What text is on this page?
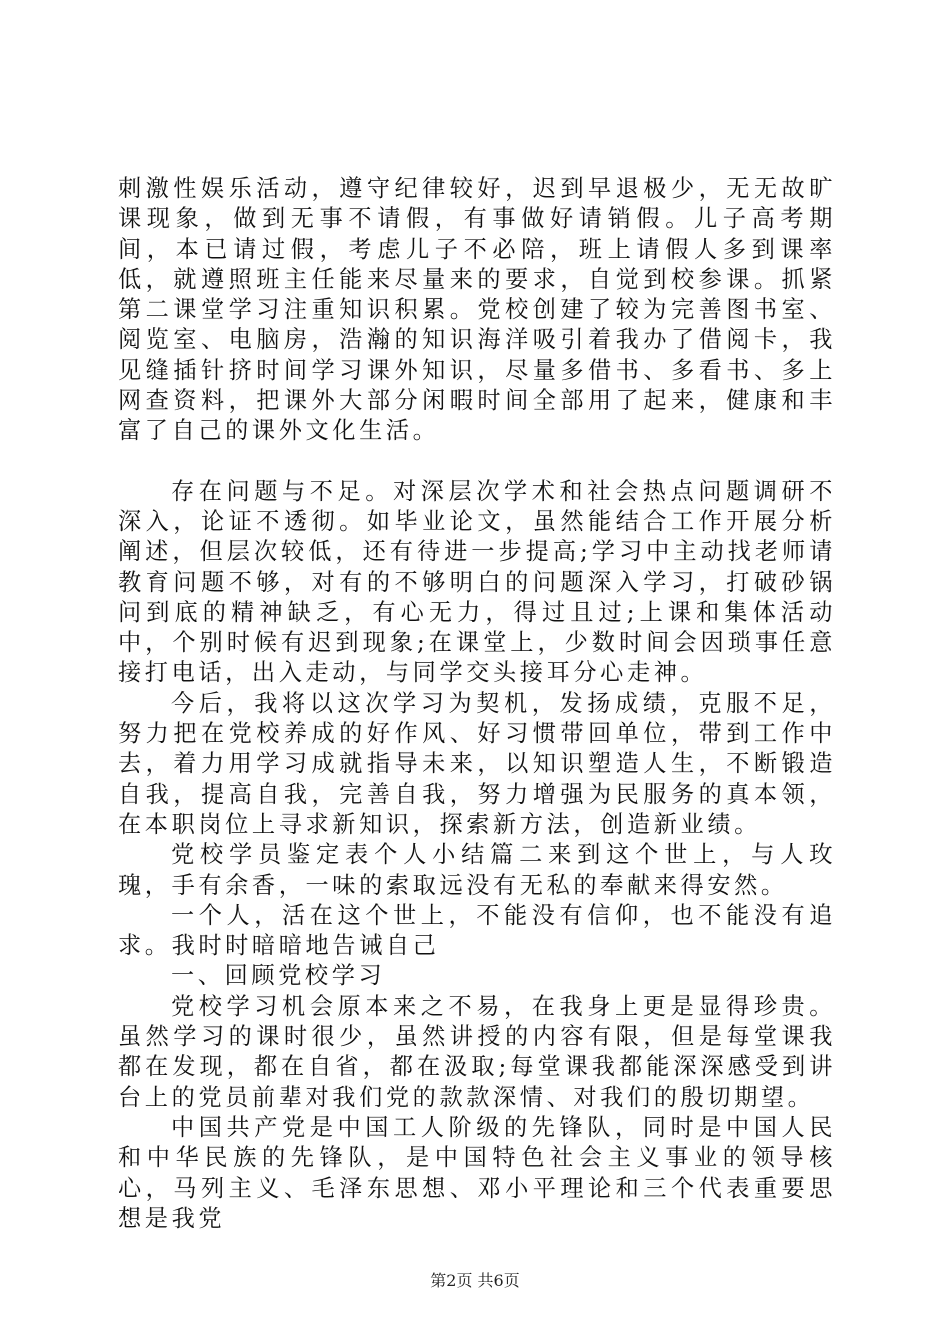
刺激性娱乐活动，遵守纪律较好，迟到早退极少，无无故旷课现象，做到无事不请假，有事做好请销假。儿子高考期间，本已请过假，考虑儿子不必陪，班上请假人多到课率低，就遵照班主任能来尽量来的要求，自觉到校参课。抓紧第二课堂学习注重知识积累。党校创建了较为完善图书室、阅览室、电脑房，浩瀚的知识海洋吸引着我办了借阅卡，我见缝插针挤时间学习课外知识，尽量多借书、多看书、多上网查资料，把课外大部分闲暇时间全部用了起来，健康和丰富了自己的课外文化生活。

存在问题与不足。对深层次学术和社会热点问题调研不深入，论证不透彻。如毕业论文，虽然能结合工作开展分析阐述，但层次较低，还有待进一步提高;学习中主动找老师请教育问题不够，对有的不够明白的问题深入学习，打破砂锅问到底的精神缺乏，有心无力，得过且过;上课和集体活动中，个别时候有迟到现象;在课堂上，少数时间会因琐事任意接打电话，出入走动，与同学交头接耳分心走神。

今后，我将以这次学习为契机，发扬成绩，克服不足，努力把在党校养成的好作风、好习惯带回单位，带到工作中去，着力用学习成就指导未来，以知识塑造人生，不断锻造自我，提高自我，完善自我，努力增强为民服务的真本领，在本职岗位上寻求新知识，探索新方法，创造新业绩。

党校学员鉴定表个人小结篇二来到这个世上，与人玫瑰，手有余香，一味的索取远没有无私的奉献来得安然。

一个人，活在这个世上，不能没有信仰，也不能没有追求。我时时暗暗地告诫自己

一、回顾党校学习

党校学习机会原本来之不易，在我身上更是显得珍贵。虽然学习的课时很少，虽然讲授的内容有限，但是每堂课我都在发现，都在自省，都在汲取;每堂课我都能深深感受到讲台上的党员前辈对我们党的款款深情、对我们的殷切期望。

中国共产党是中国工人阶级的先锋队，同时是中国人民和中华民族的先锋队，是中国特色社会主义事业的领导核心，马列主义、毛泽东思想、邓小平理论和三个代表重要思想是我党

第2页 共6页
